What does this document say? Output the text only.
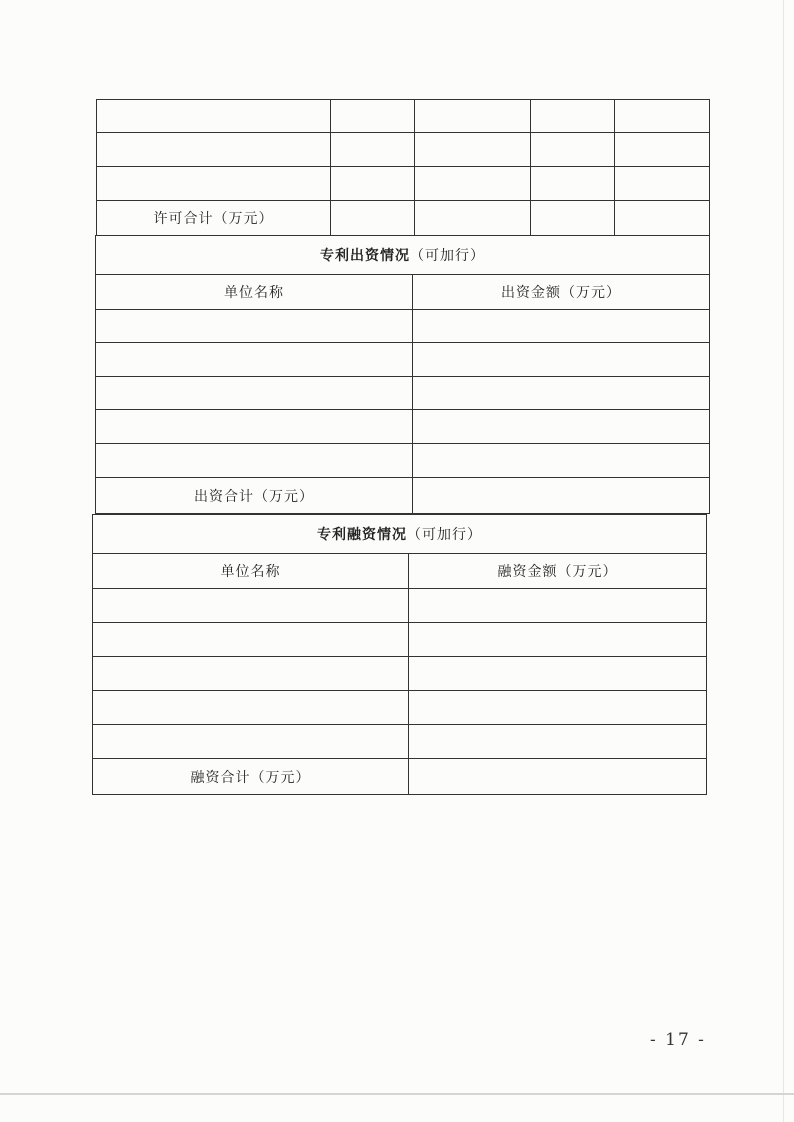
许可合计（万元）				
专利出资情况（可加行）	
单位名称	出资金额（万元）

出资合计（万元）	
专利融资情况（可加行）	
单位名称	融资金额（万元）

融资合计（万元）	
- 17 -
